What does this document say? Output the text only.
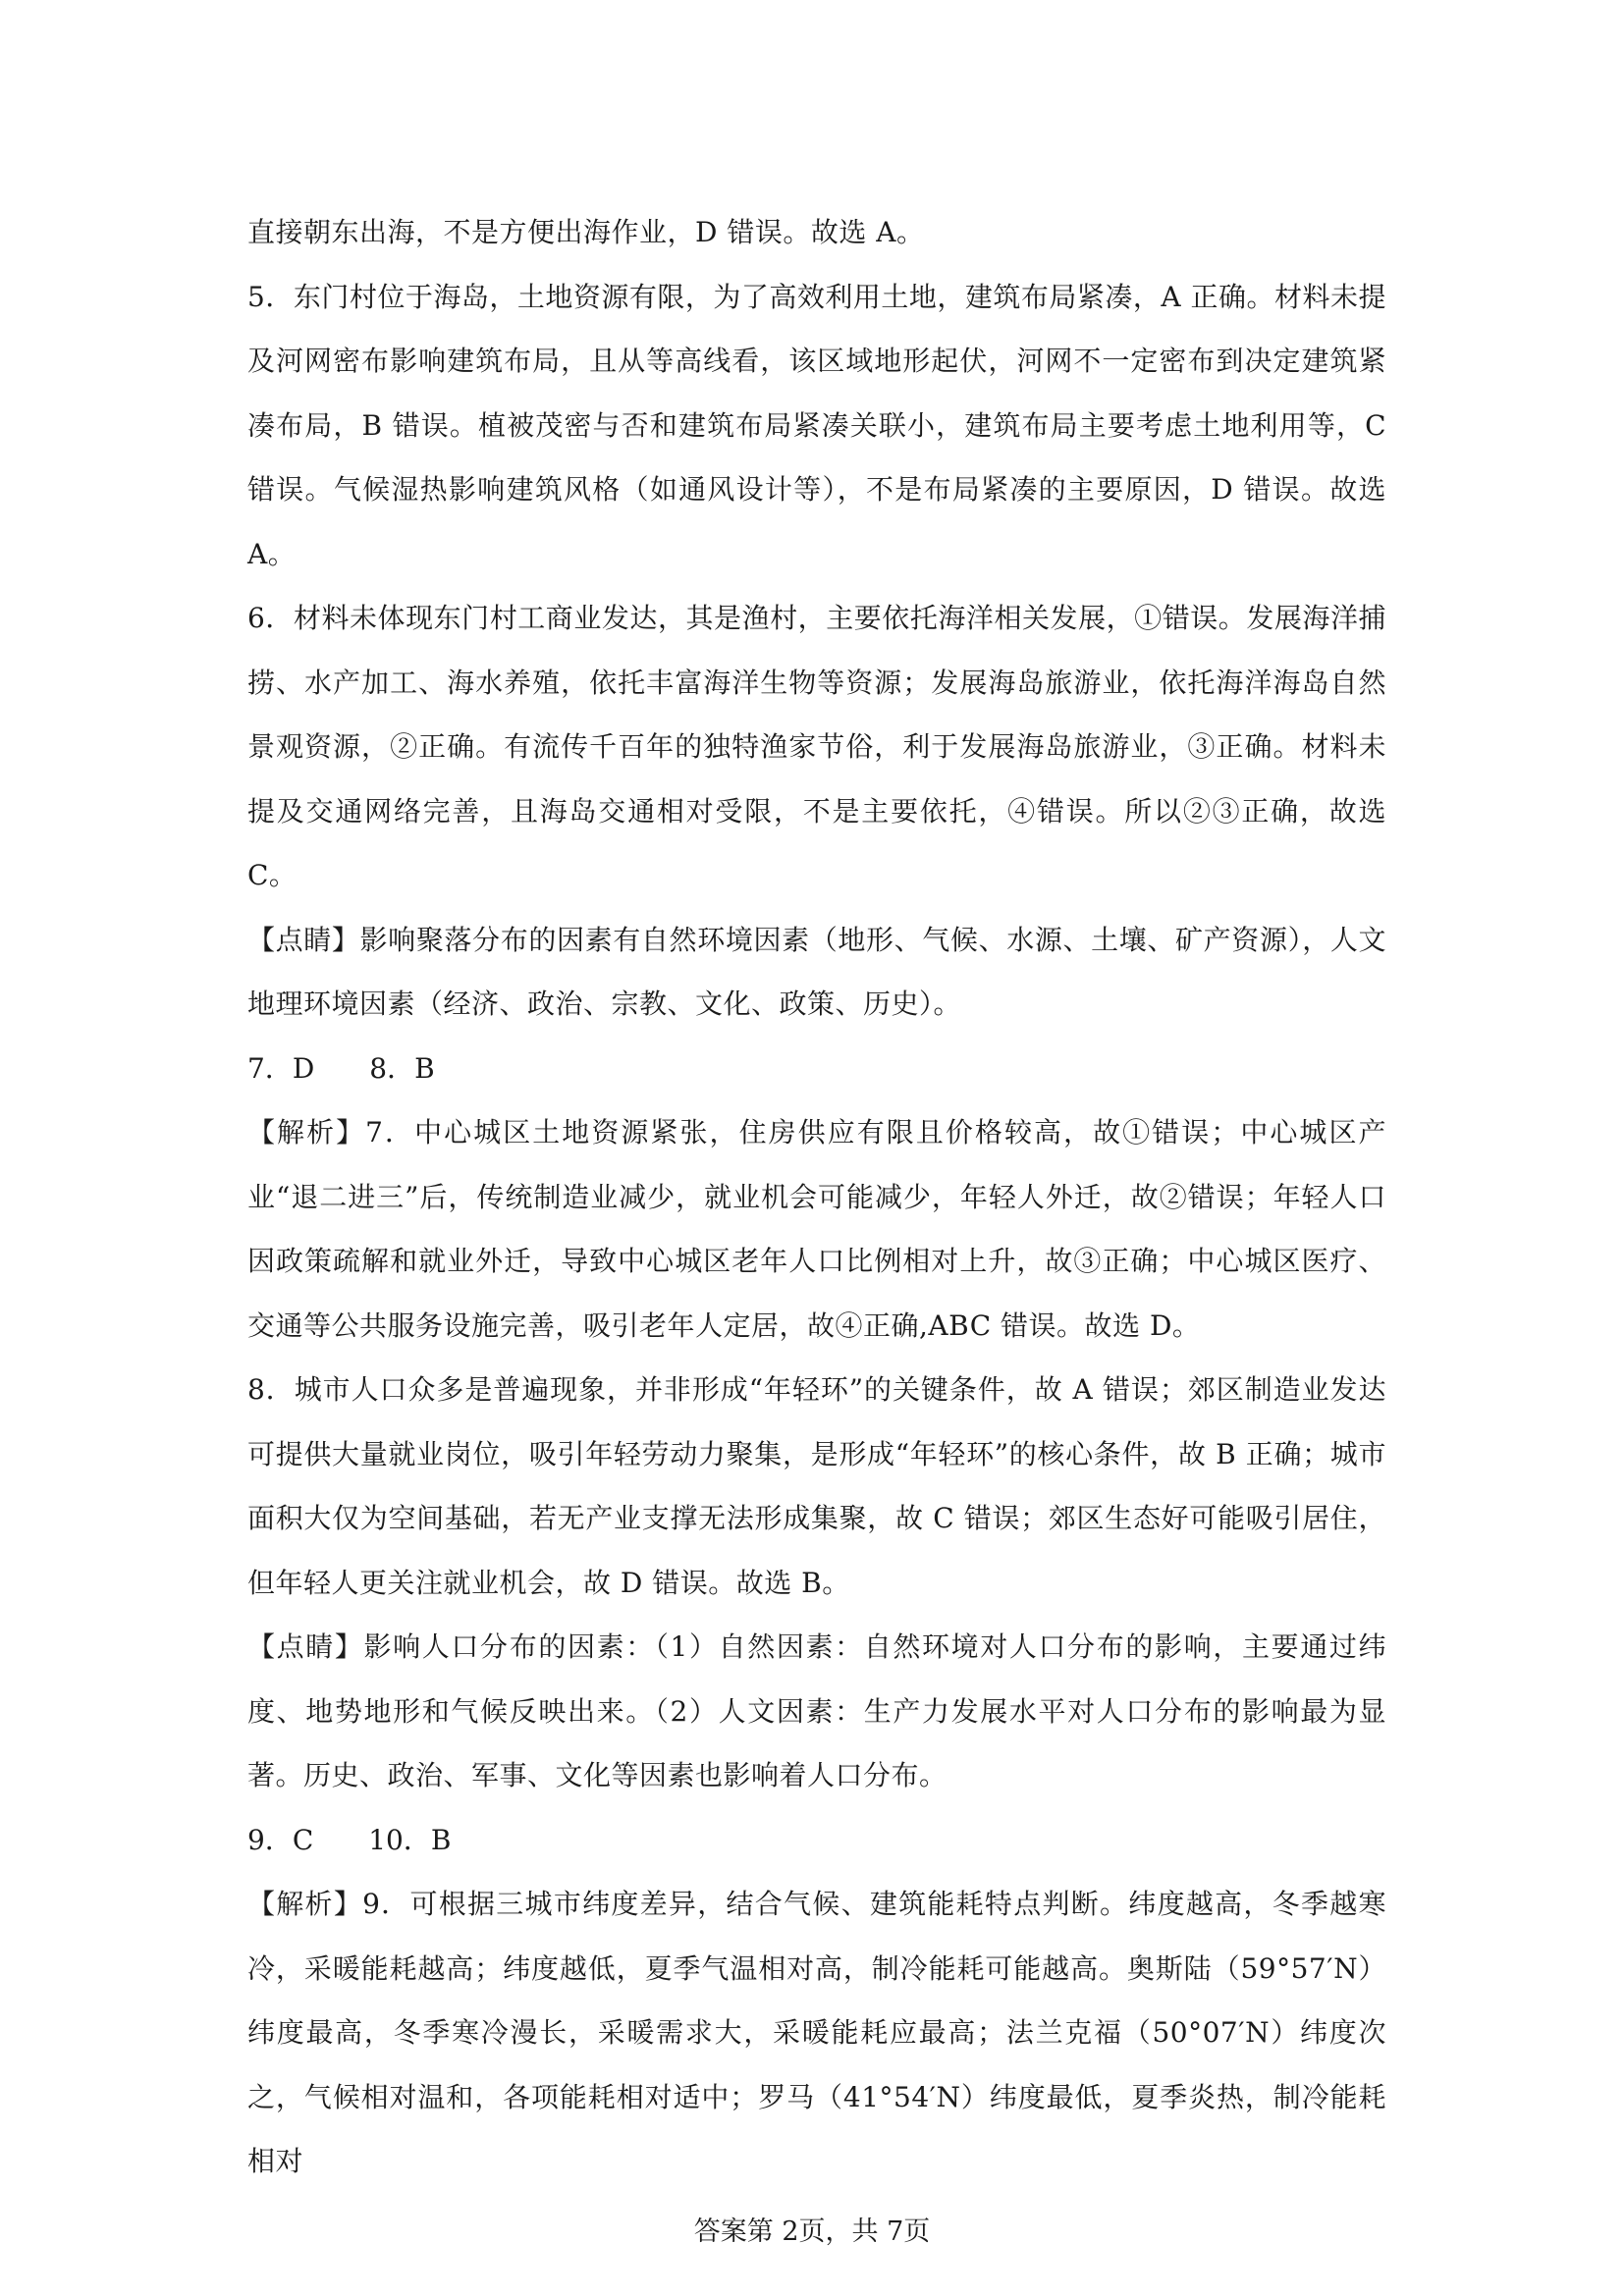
直接朝东出海，不是方便出海作业，D 错误。故选 A。

5．东门村位于海岛，土地资源有限，为了高效利用土地，建筑布局紧凑，A 正确。材料未提及河网密布影响建筑布局，且从等高线看，该区域地形起伏，河网不一定密布到决定建筑紧凑布局，B 错误。植被茂密与否和建筑布局紧凑关联小，建筑布局主要考虑土地利用等，C 错误。气候湿热影响建筑风格（如通风设计等），不是布局紧凑的主要原因，D 错误。故选 A。

6．材料未体现东门村工商业发达，其是渔村，主要依托海洋相关发展，①错误。发展海洋捕捞、水产加工、海水养殖，依托丰富海洋生物等资源；发展海岛旅游业，依托海洋海岛自然景观资源，②正确。有流传千百年的独特渔家节俗，利于发展海岛旅游业，③正确。材料未提及交通网络完善，且海岛交通相对受限，不是主要依托，④错误。所以②③正确，故选 C。

【点睛】影响聚落分布的因素有自然环境因素（地形、气候、水源、土壤、矿产资源），人文地理环境因素（经济、政治、宗教、文化、政策、历史）。

7．D　　8．B

【解析】7．中心城区土地资源紧张，住房供应有限且价格较高，故①错误；中心城区产业“退二进三”后，传统制造业减少，就业机会可能减少，年轻人外迁，故②错误；年轻人口因政策疏解和就业外迁，导致中心城区老年人口比例相对上升，故③正确；中心城区医疗、交通等公共服务设施完善，吸引老年人定居，故④正确,ABC 错误。故选 D。

8．城市人口众多是普遍现象，并非形成“年轻环”的关键条件，故 A 错误；郊区制造业发达可提供大量就业岗位，吸引年轻劳动力聚集，是形成“年轻环”的核心条件，故 B 正确；城市面积大仅为空间基础，若无产业支撑无法形成集聚，故 C 错误；郊区生态好可能吸引居住，但年轻人更关注就业机会，故 D 错误。故选 B。

【点睛】影响人口分布的因素：（1）自然因素：自然环境对人口分布的影响，主要通过纬度、地势地形和气候反映出来。（2）人文因素：生产力发展水平对人口分布的影响最为显著。历史、政治、军事、文化等因素也影响着人口分布。

9．C　　10．B

【解析】9．可根据三城市纬度差异，结合气候、建筑能耗特点判断。纬度越高，冬季越寒冷，采暖能耗越高；纬度越低，夏季气温相对高，制冷能耗可能越高。奥斯陆（59°57′N）纬度最高，冬季寒冷漫长，采暖需求大，采暖能耗应最高；法兰克福（50°07′N）纬度次之，气候相对温和，各项能耗相对适中；罗马（41°54′N）纬度最低，夏季炎热，制冷能耗相对

答案第 2页，共 7页
